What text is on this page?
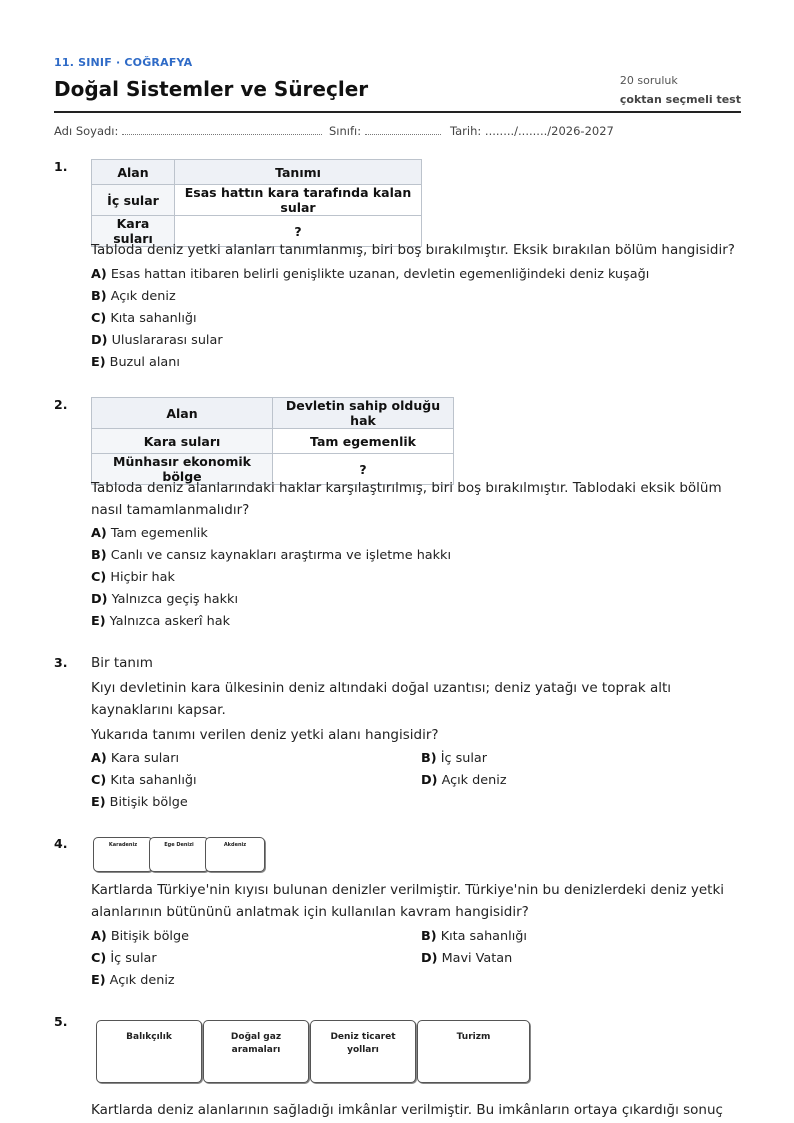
11. SINIF · COĞRAFYA
Doğal Sistemler ve Süreçler	20 soruluk
çoktan seçmeli test
Adı Soyadı:	Sınıfı:	Tarih: ......../......../2026-2027
1.	Alan	Tanımı
İç sular	Esas hattın kara tarafında kalan sular
Kara suları	?
Tabloda deniz yetki alanları tanımlanmış, biri boş bırakılmıştır. Eksik bırakılan bölüm hangisidir?
A) Esas hattan itibaren belirli genişlikte uzanan, devletin egemenliğindeki deniz kuşağı
B) Açık deniz
C) Kıta sahanlığı
D) Uluslararası sular
E) Buzul alanı
2.
Alan	Devletin sahip olduğu hak
Kara suları	Tam egemenlik
Münhasır ekonomik bölge	?
Tabloda deniz alanlarındaki haklar karşılaştırılmış, biri boş bırakılmıştır. Tablodaki eksik bölüm nasıl tamamlanmalıdır?
A) Tam egemenlik
B) Canlı ve cansız kaynakları araştırma ve işletme hakkı
C) Hiçbir hak
D) Yalnızca geçiş hakkı
E) Yalnızca askerî hak
3. Bir tanım
Kıyı devletinin kara ülkesinin deniz altındaki doğal uzantısı; deniz yatağı ve toprak altı kaynaklarını kapsar.
Yukarıda tanımı verilen deniz yetki alanı hangisidir?
A) Kara suları	B) İç sular
C) Kıta sahanlığı	D) Açık deniz
E) Bitişik bölge
4.	Karadeniz	Ege Denizi	Akdeniz
Kartlarda Türkiye'nin kıyısı bulunan denizler verilmiştir. Türkiye'nin bu denizlerdeki deniz yetki alanlarının bütününü anlatmak için kullanılan kavram hangisidir?
A) Bitişik bölge	B) Kıta sahanlığı
C) İç sular	D) Mavi Vatan
E) Açık deniz
5.
Balıkçılık	Doğal gaz aramaları
Deniz ticaret yolları
Turizm
Kartlarda deniz alanlarının sağladığı imkânlar verilmiştir. Bu imkânların ortaya çıkardığı sonuç
